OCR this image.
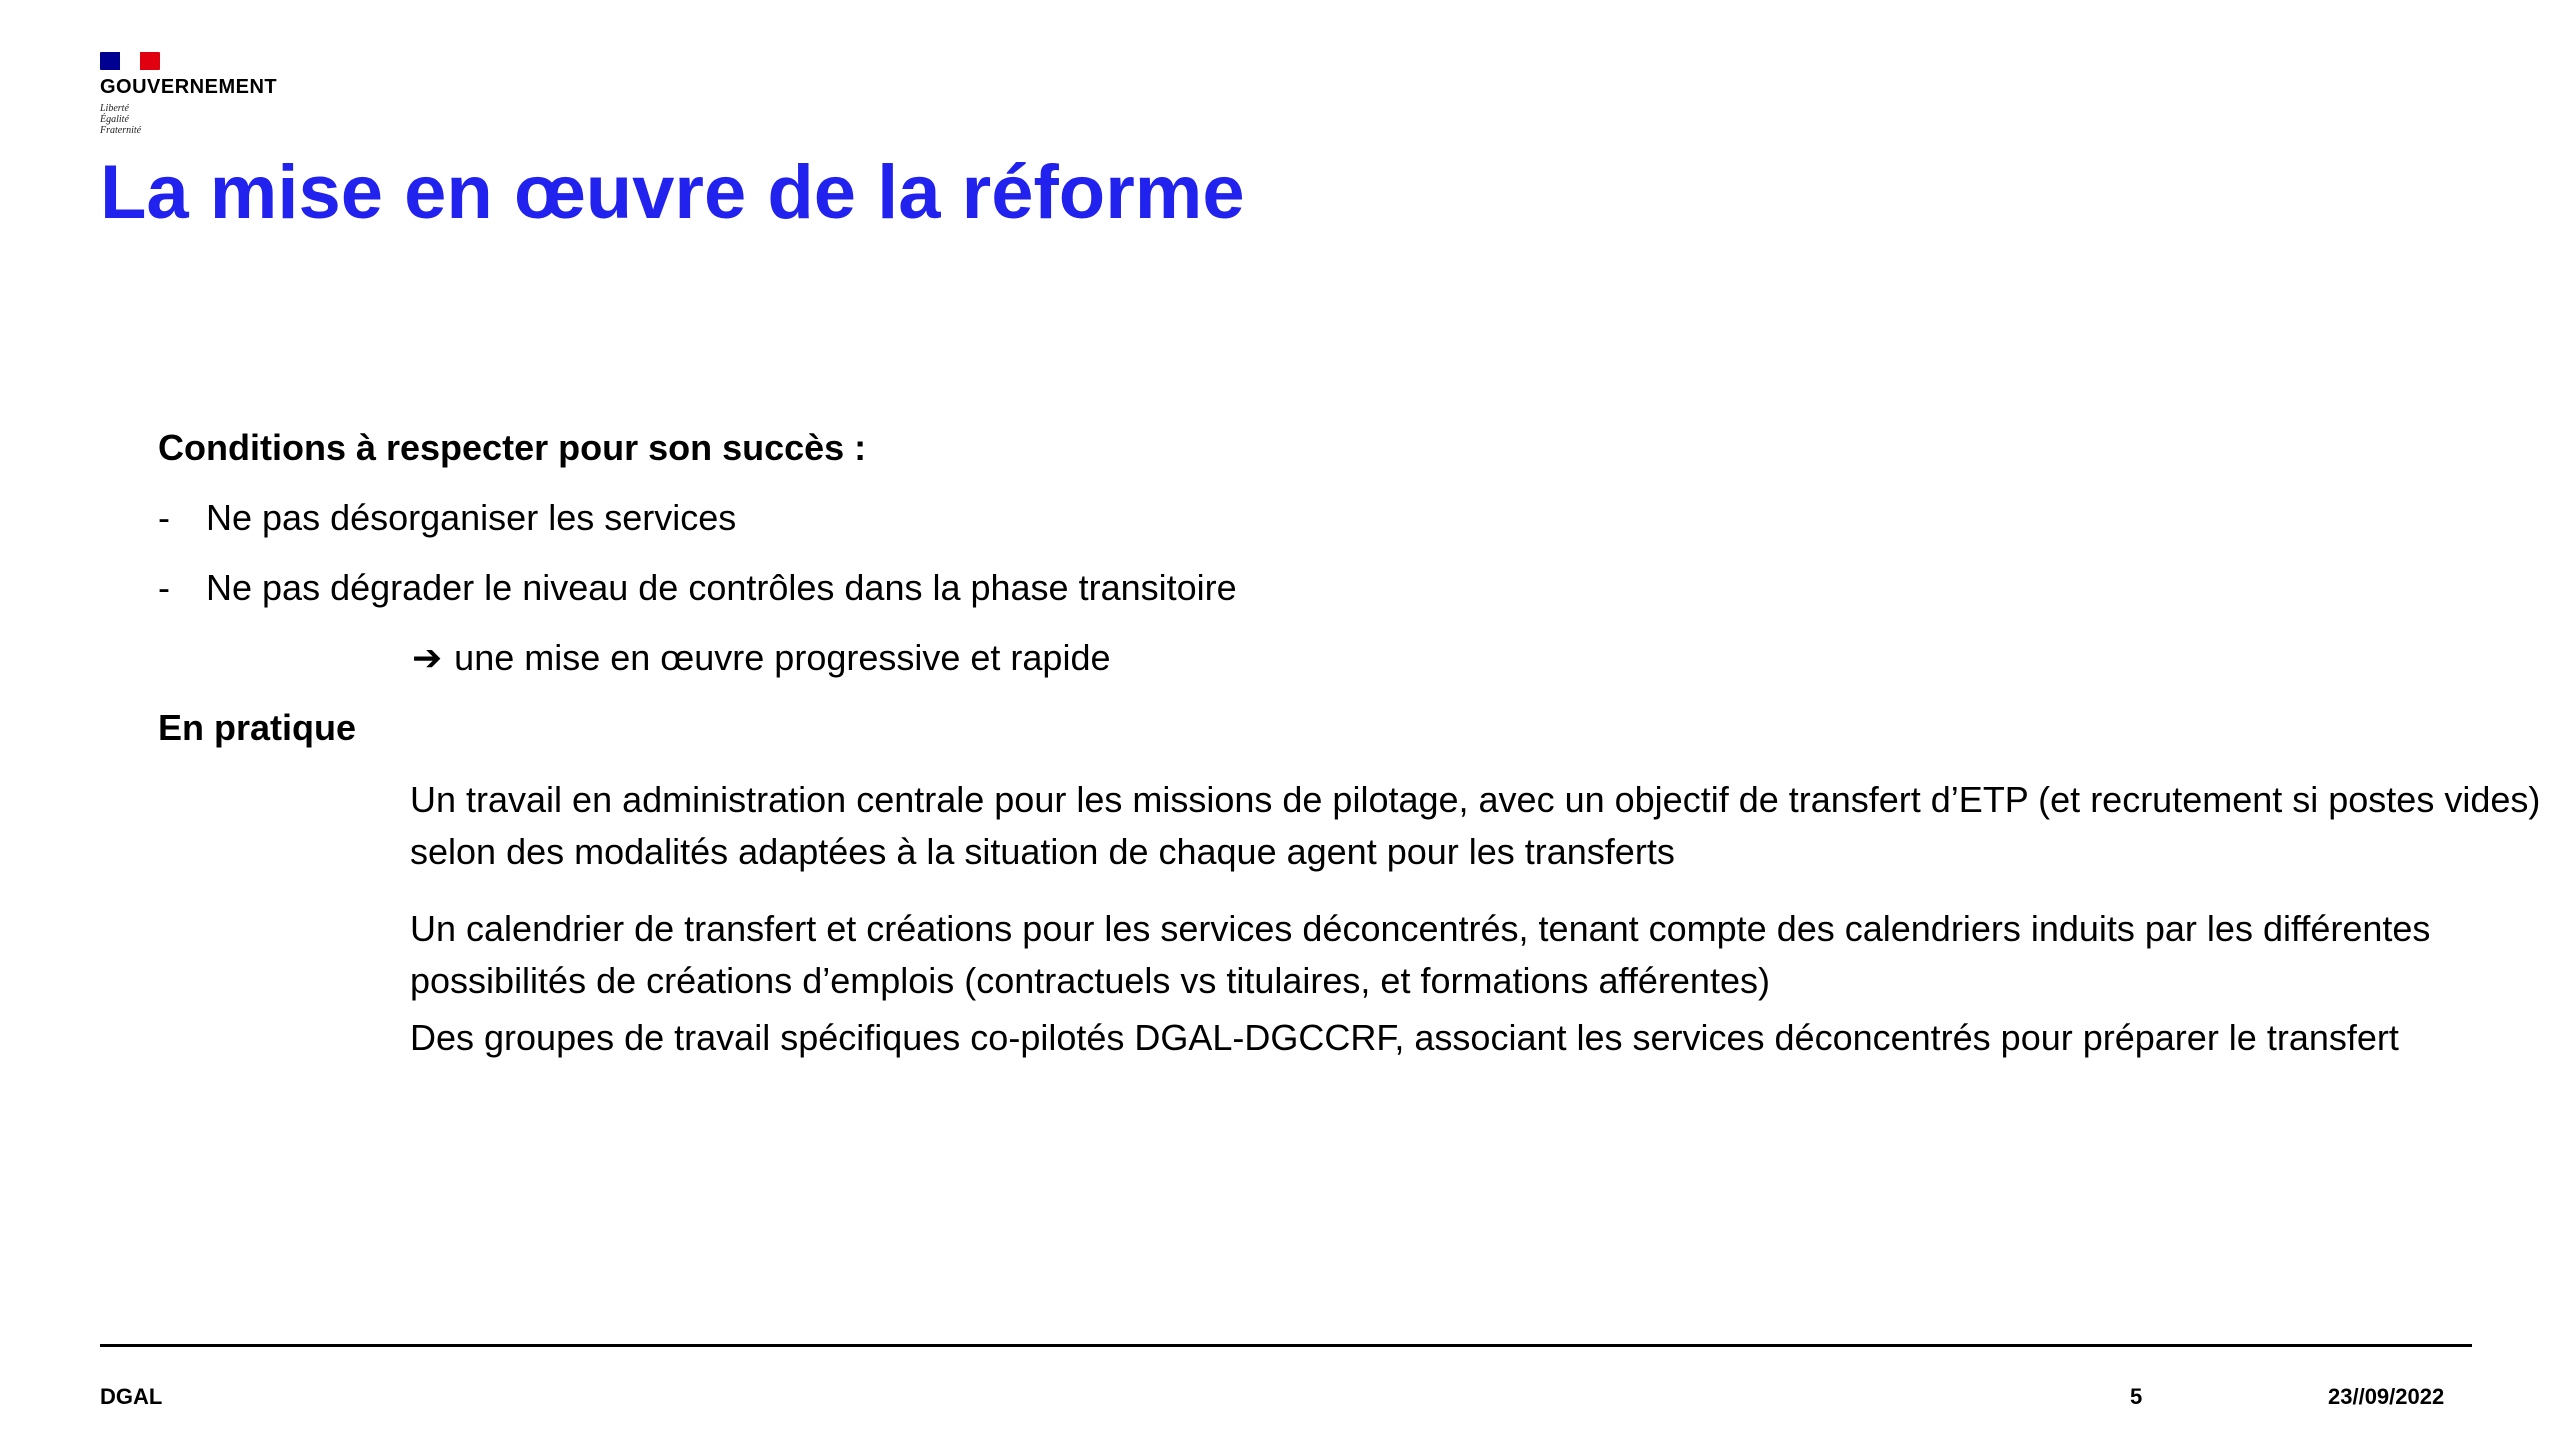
GOUVERNEMENT
Liberté
Égalité
Fraternité
La mise en œuvre de la réforme
Conditions à respecter pour son succès :
- Ne pas désorganiser les services
- Ne pas dégrader le niveau de contrôles dans la phase transitoire
➔ une mise en œuvre progressive et rapide
En pratique
Un travail en administration centrale pour les missions de pilotage, avec un objectif de transfert d’ETP (et recrutement si postes vides) selon des modalités adaptées à la situation de chaque agent pour les transferts
Un calendrier de transfert et créations pour les services déconcentrés, tenant compte des calendriers induits par les différentes possibilités de créations d’emplois (contractuels vs titulaires, et formations afférentes)
Des groupes de travail spécifiques co-pilotés DGAL-DGCCRF, associant les services déconcentrés pour préparer le transfert
DGAL	5	23//09/2022
